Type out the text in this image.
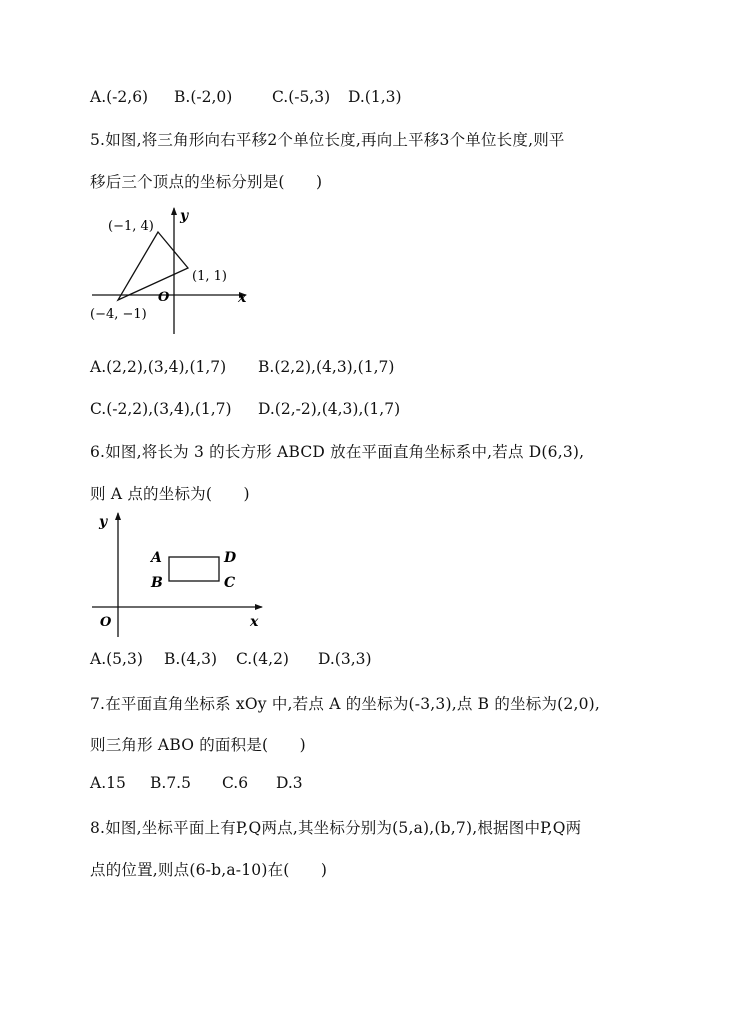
A.(-2,6) B.(-2,0)	C.(-5,3) D.(1,3)
5.如图,将三角形向右平移2个单位长度,再向上平移3个单位长度,则平
移后三个顶点的坐标分别是(　　)
y
x
O
(−1, 4)
(1, 1)
(−4, −1)
A.(2,2),(3,4),(1,7) B.(2,2),(4,3),(1,7)
C.(-2,2),(3,4),(1,7) D.(2,-2),(4,3),(1,7)
6.如图,将长为 3 的长方形 ABCD 放在平面直角坐标系中,若点 D(6,3),
则 A 点的坐标为(　　)
y
x
O
A
B	C
D
A.(5,3) B.(4,3) C.(4,2) D.(3,3)
7.在平面直角坐标系 xOy 中,若点 A 的坐标为(-3,3),点 B 的坐标为(2,0),
则三角形 ABO 的面积是(　　)
A.15 B.7.5 C.6 D.3
8.如图,坐标平面上有P,Q两点,其坐标分别为(5,a),(b,7),根据图中P,Q两
点的位置,则点(6-b,a-10)在(　　)
